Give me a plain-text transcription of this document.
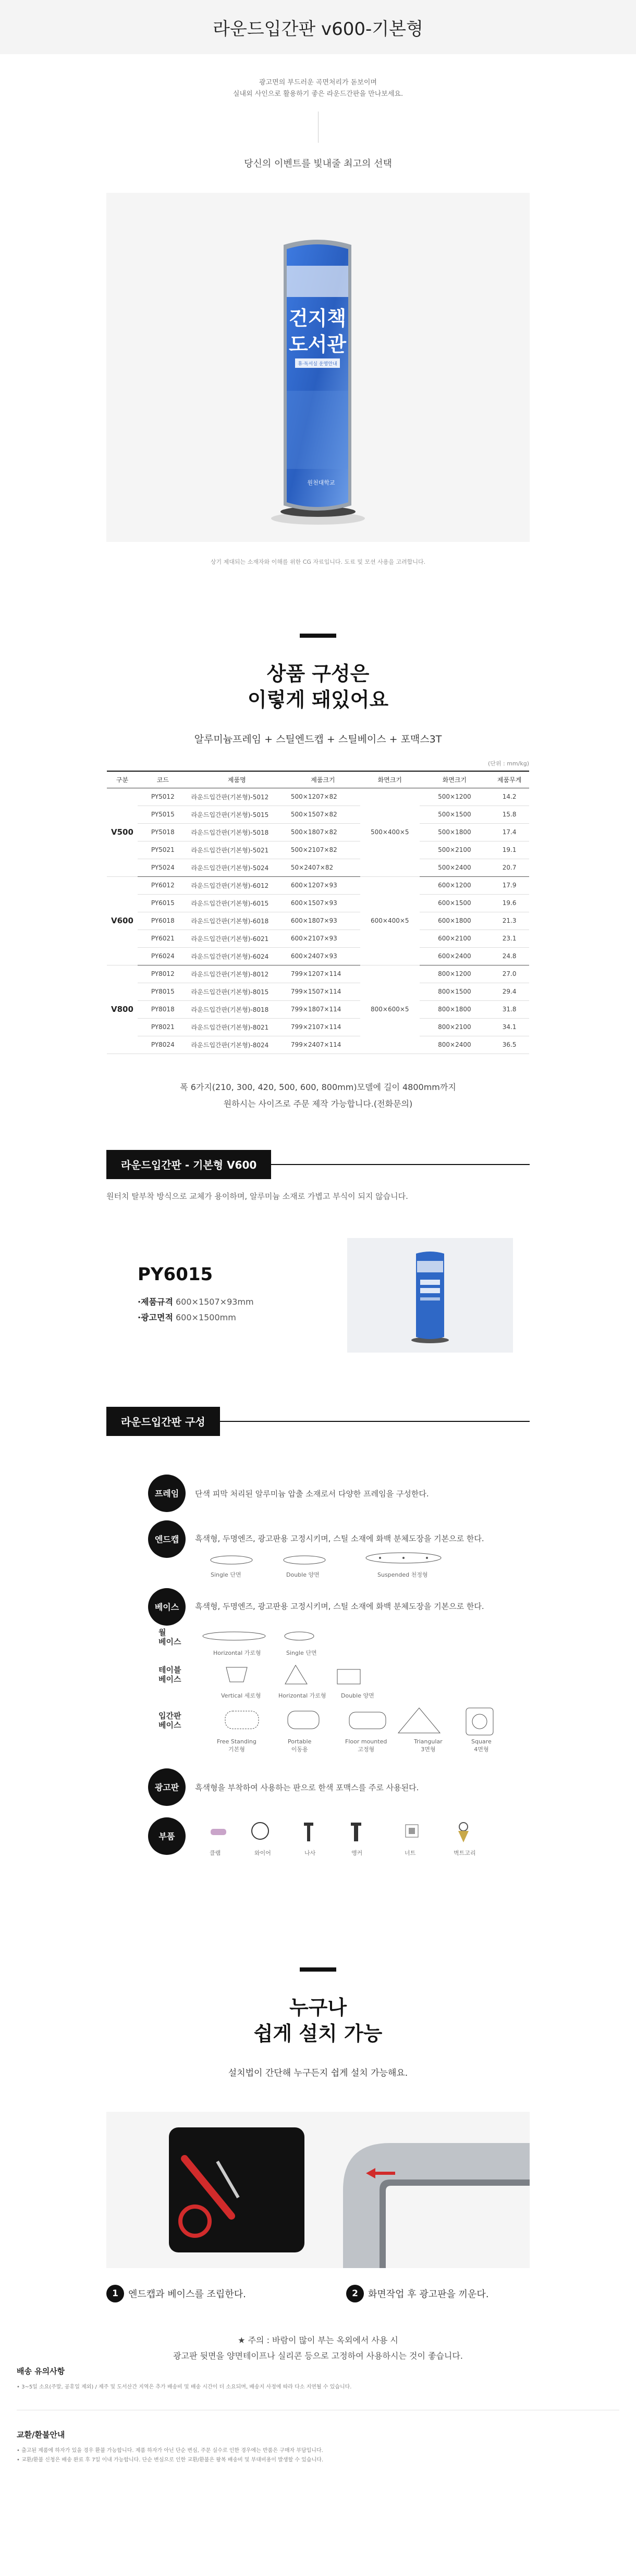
라운드입간판 v600-기본형
광고면의 부드러운 곡면처리가 돋보이며
실내외 사인으로 활용하기 좋은 라운드간판을 만나보세요.
당신의 이벤트를 빛내줄 최고의 선택
건지책
도서관
휴·독서실 운영안내
원천대학교
상기 제대되는 소재자와 이해를 위한 CG 자료입니다. 도료 및 모션 사용을 고려합니다.
상품 구성은
이렇게 돼있어요
알루미늄프레임 + 스틸엔드캡 + 스틸베이스 + 포맥스3T
(단위 : mm/kg)
구분	코드	제품명	제품크기	화면크기	화면크기	제품무게
V500	PY5012	라운드입간판(기본형)-5012	500×1207×82	500×400×5	500×1200	14.2
	PY5015	라운드입간판(기본형)-5015	500×1507×82		500×1500	15.8
	PY5018	라운드입간판(기본형)-5018	500×1807×82		500×1800	17.4
	PY5021	라운드입간판(기본형)-5021	500×2107×82		500×2100	19.1
	PY5024	라운드입간판(기본형)-5024	50×2407×82		500×2400	20.7
V600	PY6012	라운드입간판(기본형)-6012	600×1207×93	600×400×5	600×1200	17.9
	PY6015	라운드입간판(기본형)-6015	600×1507×93		600×1500	19.6
	PY6018	라운드입간판(기본형)-6018	600×1807×93		600×1800	21.3
	PY6021	라운드입간판(기본형)-6021	600×2107×93		600×2100	23.1
	PY6024	라운드입간판(기본형)-6024	600×2407×93		600×2400	24.8
V800	PY8012	라운드입간판(기본형)-8012	799×1207×114	800×600×5	800×1200	27.0
	PY8015	라운드입간판(기본형)-8015	799×1507×114		800×1500	29.4
	PY8018	라운드입간판(기본형)-8018	799×1807×114		800×1800	31.8
	PY8021	라운드입간판(기본형)-8021	799×2107×114		800×2100	34.1
	PY8024	라운드입간판(기본형)-8024	799×2407×114		800×2400	36.5
폭 6가지(210, 300, 420, 500, 600, 800mm)모델에 길이 4800mm까지
원하시는 사이즈로 주문 제작 가능합니다.(전화문의)
라운드입간판 - 기본형 V600
원터치 탈부착 방식으로 교체가 용이하며, 알루미늄 소재로 가볍고 부식이 되지 않습니다.
PY6015
·제품규격 600×1507×93mm
·광고면적 600×1500mm
라운드입간판 구성
프레임	단색 피막 처리된 알루미늄 압출 소재로서 다양한 프레임을 구성한다.
엔드캡	흑색형, 두명엔즈, 광고판용 고정시키며, 스틸 소재에 화백 분체도장을 기본으로 한다.
Single 단면	Double 양면	Suspended 천정형
베이스	흑색형, 두명엔즈, 광고판용 고정시키며, 스틸 소재에 화백 분체도장을 기본으로 한다.
월
베이스
Horizontal 가로형	Single 단면
테이블
베이스
Vertical 세로형	Horizontal 가로형	Double 양면
입간판
베이스
Free Standing
기본형
Portable
이동용
Floor mounted
고정형
Triangular
3면형
Square
4면형
광고판	흑색형을 부착하여 사용하는 판으로 한색 포맥스를 주로 사용된다.
부품
클램	와이어	나사	앵커	너트	벽트고리
누구나
쉽게 설치 가능
설치법이 간단해 누구든지 쉽게 설치 가능해요.
1	엔드캡과 베이스를 조립한다.	2	화면작업 후 광고판을 끼운다.
★ 주의 : 바람이 많이 부는 옥외에서 사용 시
광고판 뒷면을 양면테이프나 실리콘 등으로 고정하여 사용하시는 것이 좋습니다.
배송 유의사항

• 3~5일 소요(주말, 공휴일 제외) / 제주 및 도서산간 지역은 추가 배송비 및 배송 시간이 더 소요되며, 배송지 사정에 따라 다소 지연될 수 있습니다.

교환/환불안내

• 출고된 제품에 하자가 있을 경우 환불 가능합니다. 제품 하자가 아닌 단순 변심, 주문 실수로 인한 경우에는 반품은 구매자 부담입니다.
• 교환/환불 신청은 배송 완료 후 7일 이내 가능합니다. 단순 변심으로 인한 교환/환불은 왕복 배송비 및 부대비용이 발생할 수 있습니다.
